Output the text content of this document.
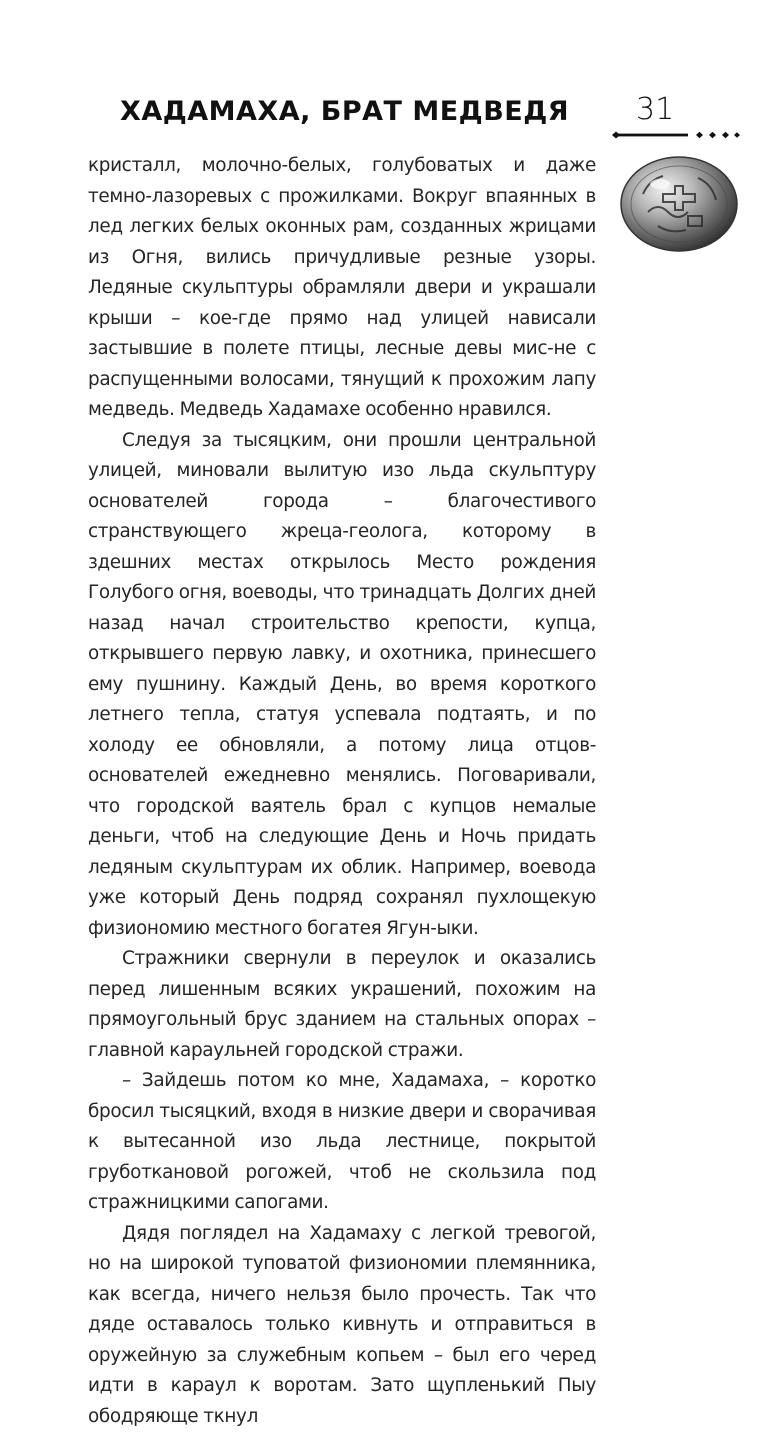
ХАДАМАХА, БРАТ МЕДВЕДЯ 31

кристалл, молочно-белых, голубоватых и даже темно-лазоревых с прожилками. Вокруг впаянных в лед легких белых оконных рам, созданных жрицами из Огня, вились причудливые резные узоры. Ледяные скульптуры обрамляли двери и украшали крыши – кое-где прямо над улицей нависали застывшие в полете птицы, лесные девы мис-не с распущенными волосами, тянущий к прохожим лапу медведь. Медведь Хадамахе особенно нравился.

Следуя за тысяцким, они прошли центральной улицей, миновали вылитую изо льда скульптуру основателей города – благочестивого странствующего жреца-геолога, которому в здешних местах открылось Место рождения Голубого огня, воеводы, что тринадцать Долгих дней назад начал строительство крепости, купца, открывшего первую лавку, и охотника, принесшего ему пушнину. Каждый День, во время короткого летнего тепла, статуя успевала подтаять, и по холоду ее обновляли, а потому лица отцов-основателей ежедневно менялись. Поговаривали, что городской ваятель брал с купцов немалые деньги, чтоб на следующие День и Ночь придать ледяным скульптурам их облик. Например, воевода уже который День подряд сохранял пухлощекую физиономию местного богатея Ягун-ыки.

Стражники свернули в переулок и оказались перед лишенным всяких украшений, похожим на прямоугольный брус зданием на стальных опорах – главной караульней городской стражи.

– Зайдешь потом ко мне, Хадамаха, – коротко бросил тысяцкий, входя в низкие двери и сворачивая к вытесанной изо льда лестнице, покрытой груботкановой рогожей, чтоб не скользила под стражницкими сапогами.

Дядя поглядел на Хадамаху с легкой тревогой, но на широкой туповатой физиономии племянника, как всегда, ничего нельзя было прочесть. Так что дяде оставалось только кивнуть и отправиться в оружейную за служебным копьем – был его черед идти в караул к воротам. Зато щупленький Пыу ободряюще ткнул
